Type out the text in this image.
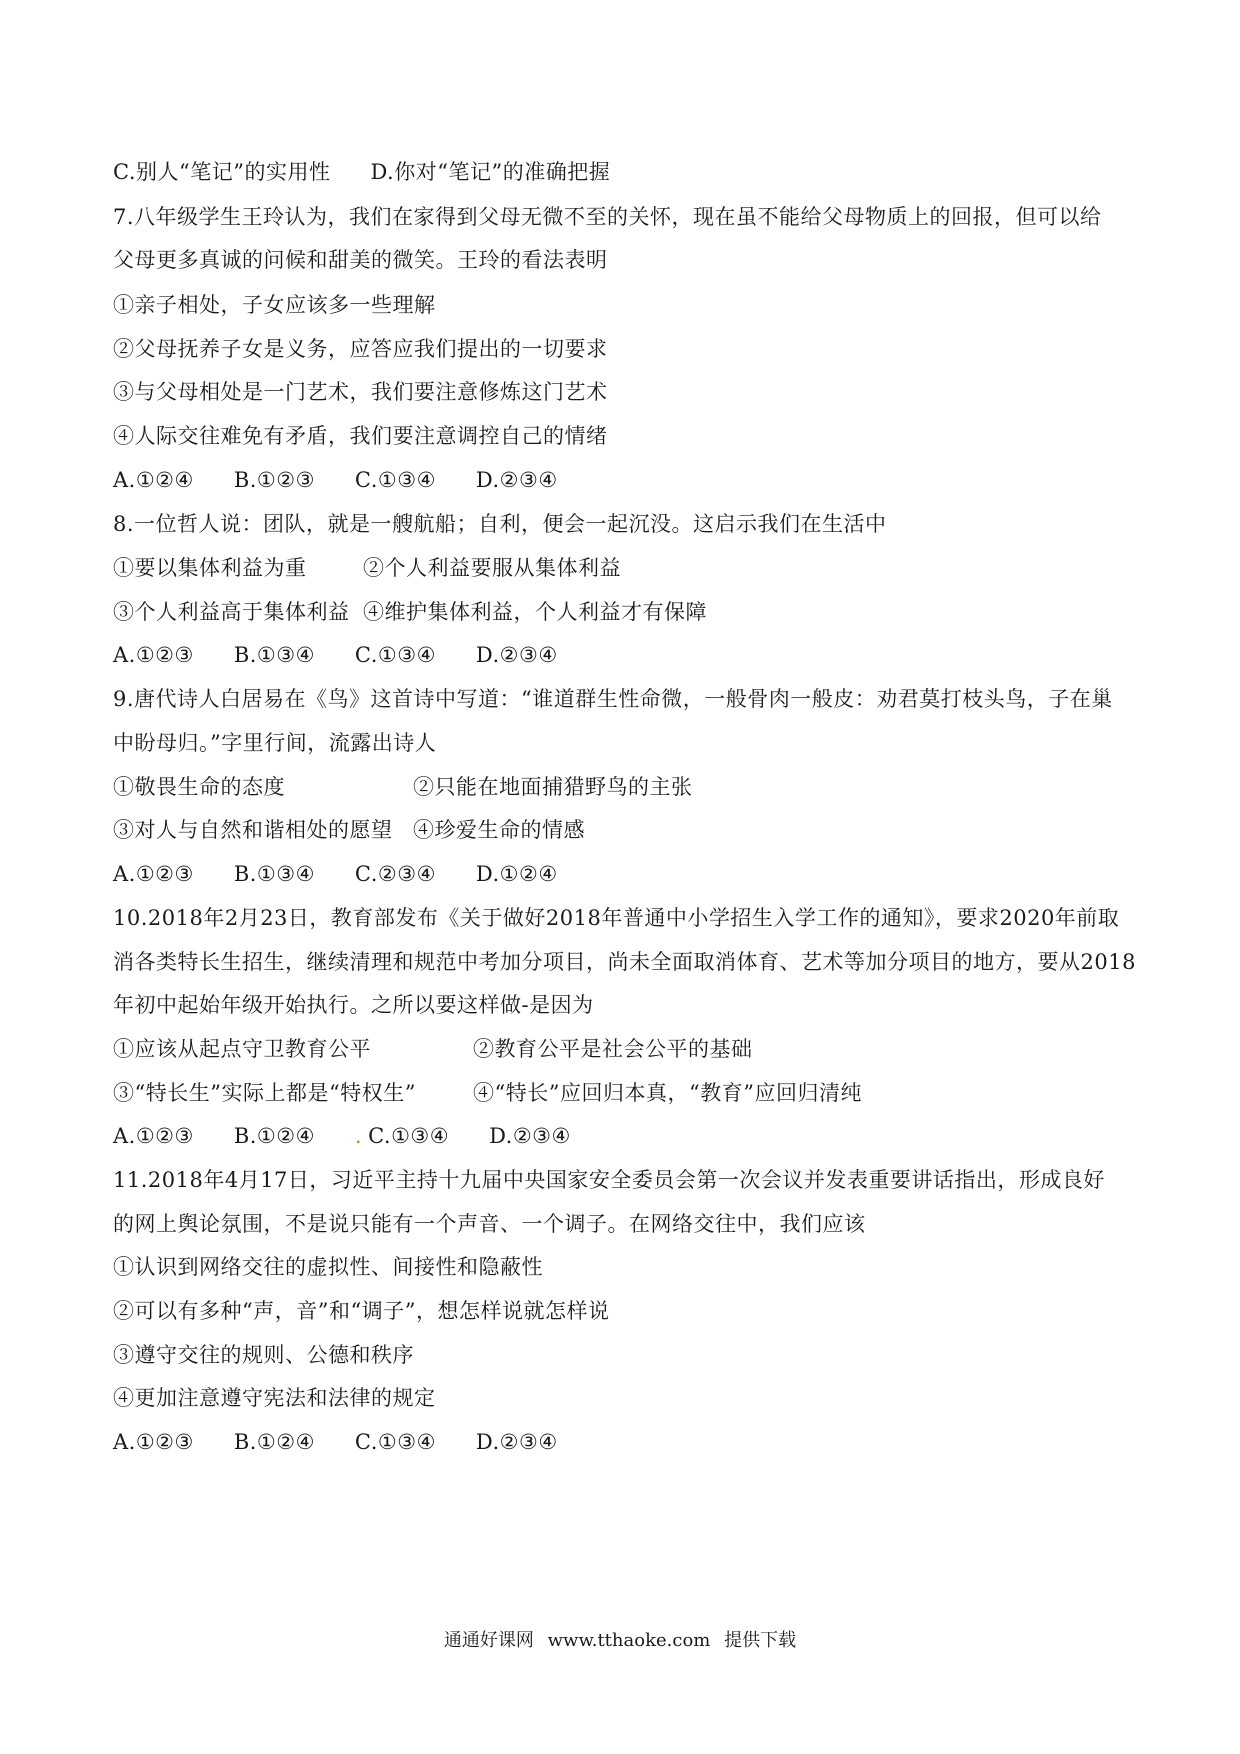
C.别人“笔记”的实用性 D.你对“笔记”的准确把握
7.八年级学生王玲认为，我们在家得到父母无微不至的关怀，现在虽不能给父母物质上的回报，但可以给
父母更多真诚的问候和甜美的微笑。王玲的看法表明
①亲子相处，子女应该多一些理解
②父母抚养子女是义务，应答应我们提出的一切要求
③与父母相处是一门艺术，我们要注意修炼这门艺术
④人际交往难免有矛盾，我们要注意调控自己的情绪
A.①②④ B.①②③ C.①③④ D.②③④
8.一位哲人说：团队，就是一艘航船；自利，便会一起沉没。这启示我们在生活中
①要以集体利益为重	②个人利益要服从集体利益
③个人利益高于集体利益 ④维护集体利益，个人利益才有保障
A.①②③ B.①③④ C.①③④ D.②③④
9.唐代诗人白居易在《鸟》这首诗中写道：“谁道群生性命微，一般骨肉一般皮：劝君莫打枝头鸟，子在巢
中盼母归。”字里行间，流露出诗人
①敬畏生命的态度	②只能在地面捕猎野鸟的主张
③对人与自然和谐相处的愿望 ④珍爱生命的情感
A.①②③ B.①③④ C.②③④ D.①②④
10.2018年2月23日，教育部发布《关于做好2018年普通中小学招生入学工作的通知》，要求2020年前取
消各类特长生招生，继续清理和规范中考加分项目，尚未全面取消体育、艺术等加分项目的地方，要从2018
年初中起始年级开始执行。之所以要这样做-是因为
①应该从起点守卫教育公平	②教育公平是社会公平的基础
③“特长生”实际上都是“特权生”	④“特长”应回归本真，“教育”应回归清纯
A.①②③ B.①②④ . C.①③④ D.②③④
11.2018年4月17日，习近平主持十九届中央国家安全委员会第一次会议并发表重要讲话指出，形成良好
的网上舆论氛围，不是说只能有一个声音、一个调子。在网络交往中，我们应该
①认识到网络交往的虚拟性、间接性和隐蔽性
②可以有多种“声，音”和“调子”，想怎样说就怎样说
③遵守交往的规则、公德和秩序
④更加注意遵守宪法和法律的规定
A.①②③ B.①②④ C.①③④ D.②③④
通通好课网 www.tthaoke.com 提供下载
